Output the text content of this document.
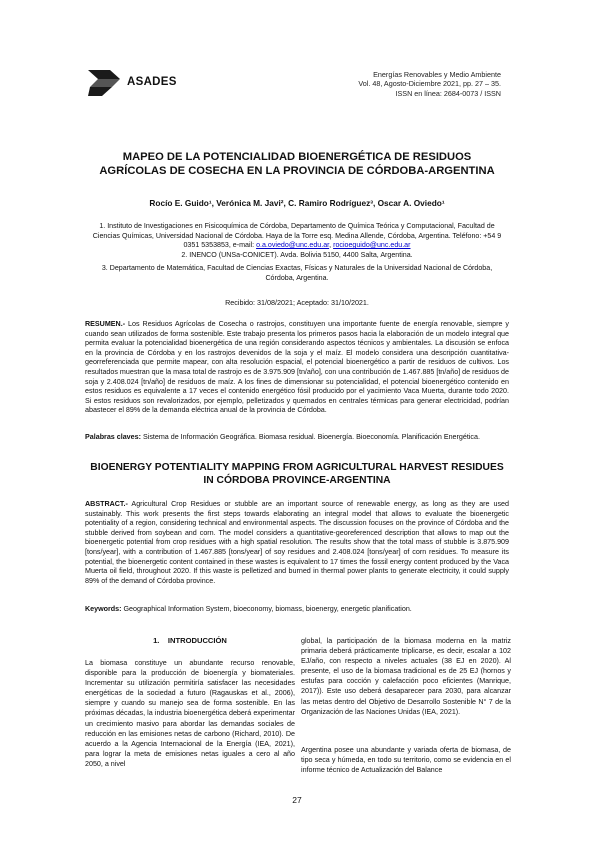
ASADES
Energías Renovables y Medio Ambiente
Vol. 48, Agosto-Diciembre 2021, pp. 27 – 35.
ISSN en línea: 2684-0073 / ISSN
MAPEO DE LA POTENCIALIDAD BIOENERGÉTICA DE RESIDUOS AGRÍCOLAS DE COSECHA EN LA PROVINCIA DE CÓRDOBA-ARGENTINA
Rocío E. Guido¹, Verónica M. Javi², C. Ramiro Rodríguez³, Oscar A. Oviedo¹
1. Instituto de Investigaciones en Fisicoquímica de Córdoba, Departamento de Química Teórica y Computacional, Facultad de Ciencias Químicas, Universidad Nacional de Córdoba. Haya de la Torre esq. Medina Allende, Córdoba, Argentina. Teléfono: +54 9 0351 5353853, e-mail: o.a.oviedo@unc.edu.ar, rocioeguido@unc.edu.ar
2. INENCO (UNSa-CONICET). Avda. Bolivia 5150, 4400 Salta, Argentina.
3. Departamento de Matemática, Facultad de Ciencias Exactas, Físicas y Naturales de la Universidad Nacional de Córdoba, Córdoba, Argentina.
Recibido: 31/08/2021; Aceptado: 31/10/2021.
RESUMEN.- Los Residuos Agrícolas de Cosecha o rastrojos, constituyen una importante fuente de energía renovable, siempre y cuando sean utilizados de forma sostenible. Este trabajo presenta los primeros pasos hacia la elaboración de un modelo integral que permita evaluar la potencialidad bioenergética de una región considerando aspectos técnicos y ambientales. La discusión se enfoca en la provincia de Córdoba y en los rastrojos devenidos de la soja y el maíz. El modelo considera una descripción cuantitativa-georreferenciada que permite mapear, con alta resolución espacial, el potencial bioenergético a partir de residuos de cultivos. Los resultados muestran que la masa total de rastrojo es de 3.975.909 [tn/año], con una contribución de 1.467.885 [tn/año] de residuos de soja y 2.408.024 [tn/año] de residuos de maíz. A los fines de dimensionar su potencialidad, el potencial bioenergético contenido en estos residuos es equivalente a 17 veces el contenido energético fósil producido por el yacimiento Vaca Muerta, durante todo 2020. Si estos residuos son revalorizados, por ejemplo, pelletizados y quemados en centrales térmicas para generar electricidad, podrían abastecer el 89% de la demanda eléctrica anual de la provincia de Córdoba.
Palabras claves: Sistema de Información Geográfica. Biomasa residual. Bioenergía. Bioeconomía. Planificación Energética.
BIOENERGY POTENTIALITY MAPPING FROM AGRICULTURAL HARVEST RESIDUES IN CÓRDOBA PROVINCE-ARGENTINA
ABSTRACT.- Agricultural Crop Residues or stubble are an important source of renewable energy, as long as they are used sustainably. This work presents the first steps towards elaborating an integral model that allows to evaluate the bioenergetic potentiality of a region, considering technical and environmental aspects. The discussion focuses on the province of Córdoba and the stubble derived from soybean and corn. The model considers a quantitative-georeferenced description that allows to map out the bioenergetic potential from crop residues with a high spatial resolution. The results show that the total mass of stubble is 3.875.909 [tons/year], with a contribution of 1.467.885 [tons/year] of soy residues and 2.408.024 [tons/year] of corn residues. To measure its potential, the bioenergetic content contained in these wastes is equivalent to 17 times the fossil energy content produced by the Vaca Muerta oil field, throughout 2020. If this waste is pelletized and burned in thermal power plants to generate electricity, it could supply 89% of the demand of Córdoba province.
Keywords: Geographical Information System, bioeconomy, biomass, bioenergy, energetic planification.
1.    INTRODUCCIÓN
La biomasa constituye un abundante recurso renovable, disponible para la producción de bioenergía y biomateriales. Incrementar su utilización permitiría satisfacer las necesidades energéticas de la sociedad a futuro (Ragauskas et al., 2006), siempre y cuando su manejo sea de forma sostenible. En las próximas décadas, la industria bioenergética deberá experimentar un crecimiento masivo para abordar las demandas sociales de reducción en las emisiones netas de carbono (Richard, 2010). De acuerdo a la Agencia Internacional de la Energía (IEA, 2021), para lograr la meta de emisiones netas iguales a cero al año 2050, a nivel
global, la participación de la biomasa moderna en la matriz primaria deberá prácticamente triplicarse, es decir, escalar a 102 EJ/año, con respecto a niveles actuales (38 EJ en 2020). Al presente, el uso de la biomasa tradicional es de 25 EJ (hornos y estufas para cocción y calefacción poco eficientes (Manrique, 2017)). Este uso deberá desaparecer para 2030, para alcanzar las metas dentro del Objetivo de Desarrollo Sostenible N° 7 de la Organización de las Naciones Unidas (IEA, 2021).
Argentina posee una abundante y variada oferta de biomasa, de tipo seca y húmeda, en todo su territorio, como se evidencia en el informe técnico de Actualización del Balance
27
